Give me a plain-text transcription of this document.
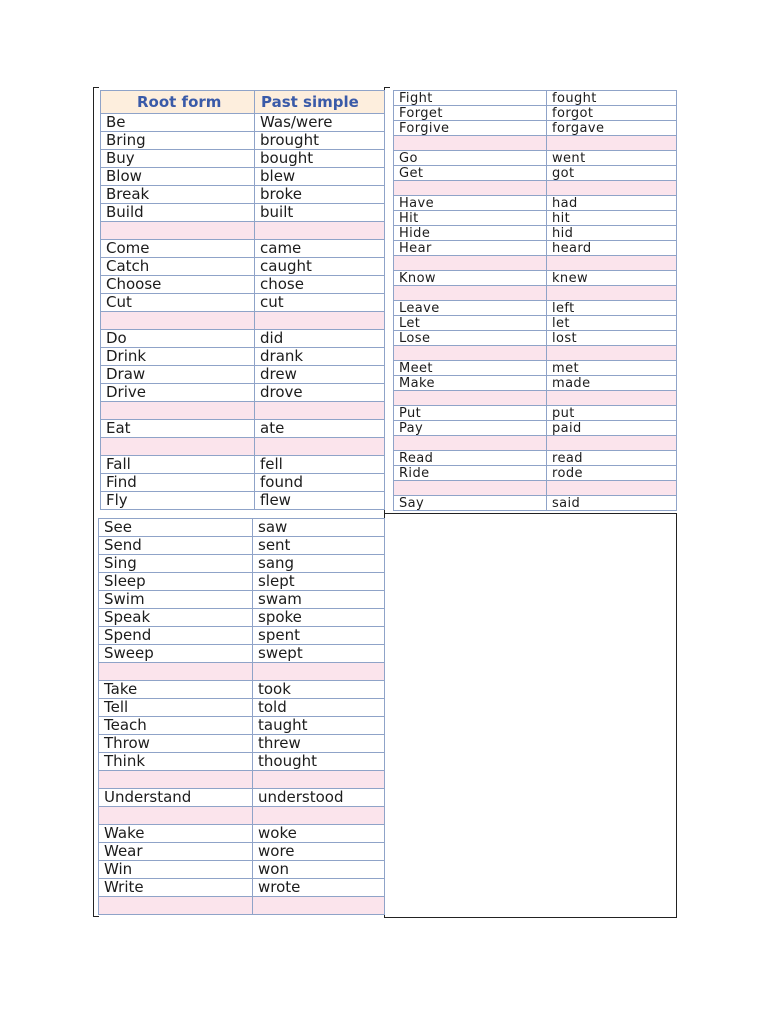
Root form	Past simple
Be	Was/were
Bring	brought
Buy	bought
Blow	blew
Break	broke
Build	built

Come	came
Catch	caught
Choose	chose
Cut	cut

Do	did
Drink	drank
Draw	drew
Drive	drove

Eat	ate

Fall	fell
Find	found
Fly	flew
Fight	fought
Forget	forgot
Forgive	forgave

Go	went
Get	got

Have	had
Hit	hit
Hide	hid
Hear	heard

Know	knew

Leave	left
Let	let
Lose	lost

Meet	met
Make	made

Put	put
Pay	paid

Read	read
Ride	rode

Say	said
See	saw
Send	sent
Sing	sang
Sleep	slept
Swim	swam
Speak	spoke
Spend	spent
Sweep	swept

Take	took
Tell	told
Teach	taught
Throw	threw
Think	thought

Understand	understood

Wake	woke
Wear	wore
Win	won
Write	wrote
